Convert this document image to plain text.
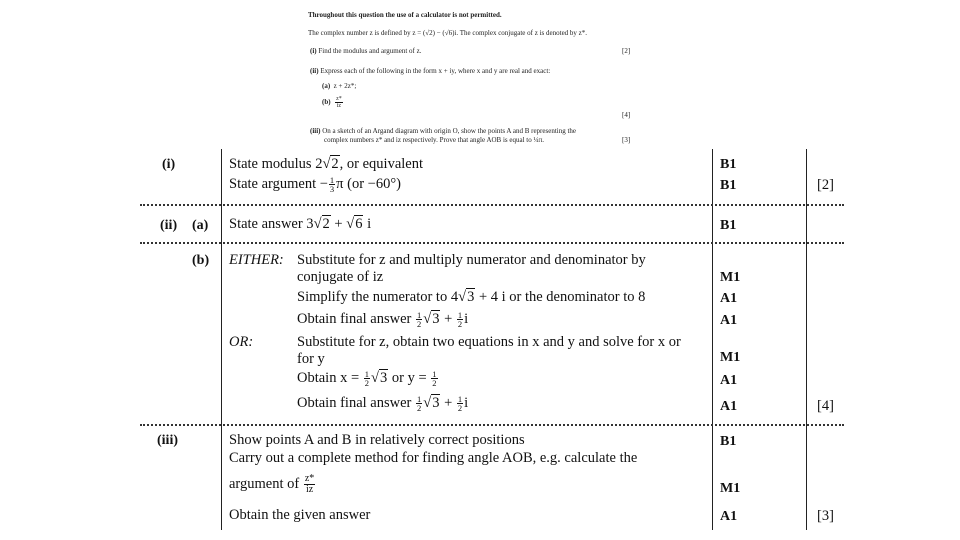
Throughout this question the use of a calculator is not permitted.
The complex number z is defined by z = (√2) − (√6)i. The complex conjugate of z is denoted by z*.
(i) Find the modulus and argument of z.	[2]
(ii) Express each of the following in the form x + iy, where x and y are real and exact:
(a) z + 2z*;
$(b) \frac{z*}{iz}$
[4]
(iii) On a sketch of an Argand diagram with origin O, show the points A and B representing the
complex numbers z* and iz respectively. Prove that angle AOB is equal to ¼π.	[3]
(i)	State modulus 2√2, or equivalent	B1
State argument − $\frac{1}{3}$ π (or −60°)	B1	[2]
(ii) (a) State answer 3√2 + √6 i	B1
(b) EITHER: Substitute for z and multiply numerator and denominator by
conjugate of iz	M1
Simplify the numerator to 4√3 + 4 i or the denominator to 8	A1
Obtain final answer $\frac{1}{2} √3 + \frac{1}{2}$ i	A1
OR:	Substitute for z, obtain two equations in x and y and solve for x or
for y	M1
Obtain $x = \frac{1}{2} √3$ or $y = \frac{1}{2}$	A1
Obtain final answer $\frac{1}{2} √3 + \frac{1}{2}$ i	A1	[4]
(iii)	Show points A and B in relatively correct positions	B1
Carry out a complete method for finding angle AOB, e.g. calculate the
argument of $\frac{z*}{iz}$	M1
Obtain the given answer	A1	[3]
